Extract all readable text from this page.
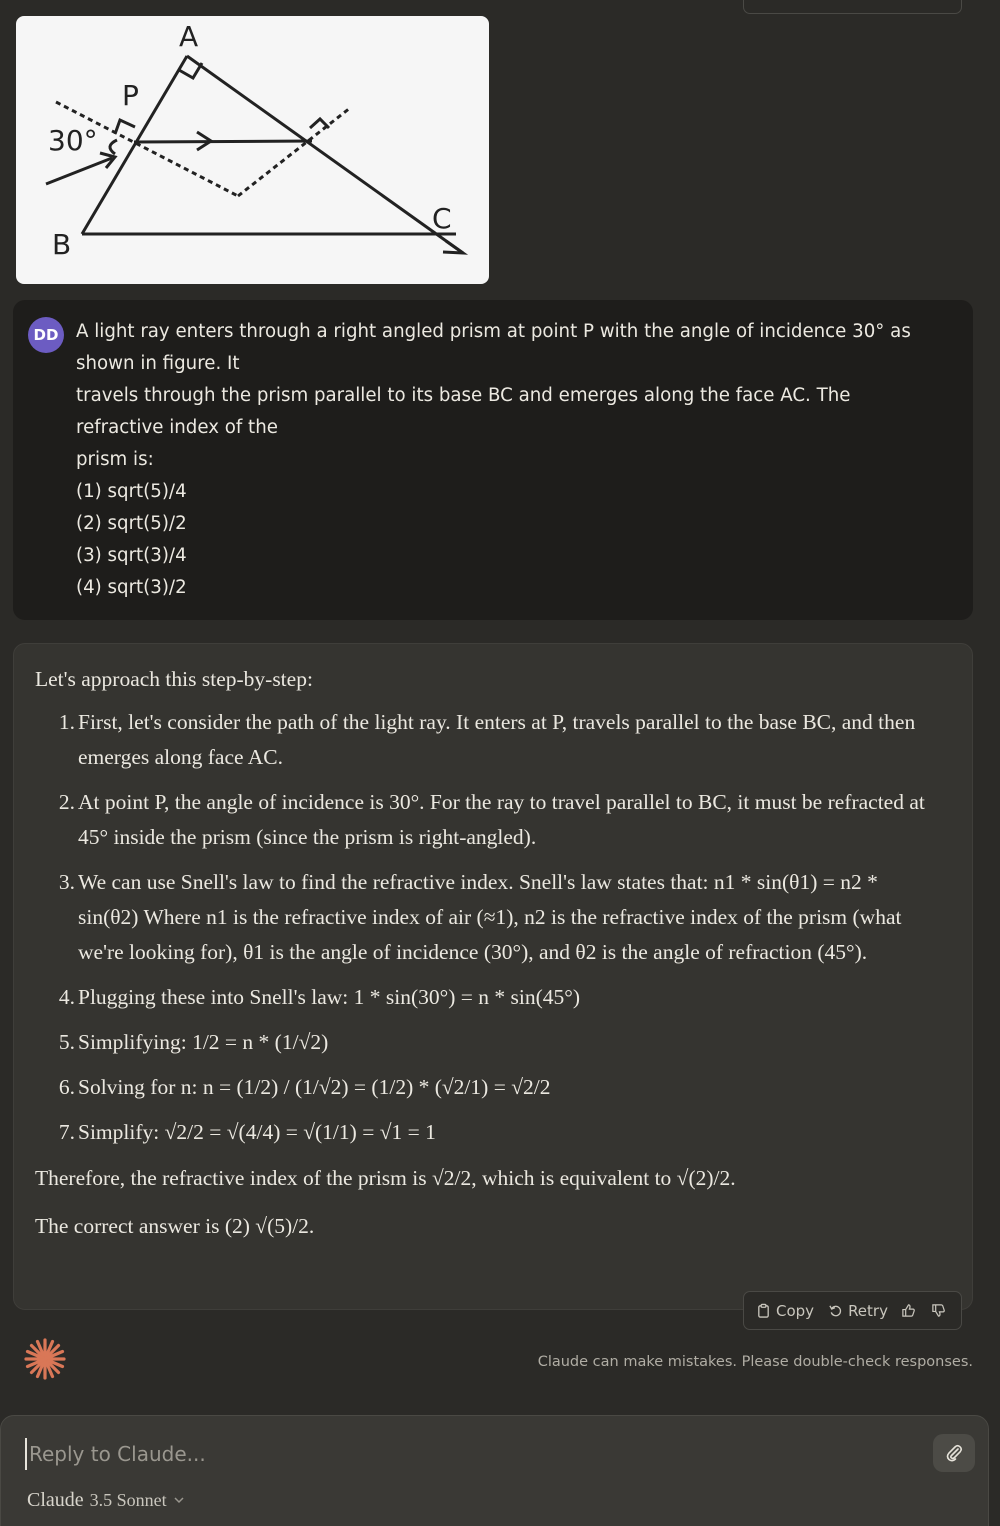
A
P
30°
B
C
DD A light ray enters through a right angled prism at point P with the angle of incidence 30° as
shown in figure. It
travels through the prism parallel to its base BC and emerges along the face AC. The
refractive index of the
prism is:
(1) sqrt(5)/4
(2) sqrt(5)/2
(3) sqrt(3)/4
(4) sqrt(3)/2

Let's approach this step-by-step:

1. First, let's consider the path of the light ray. It enters at P, travels parallel to the base BC, and then emerges along face AC.
2. At point P, the angle of incidence is 30°. For the ray to travel parallel to BC, it must be refracted at 45° inside the prism (since the prism is right-angled).
3. We can use Snell's law to find the refractive index. Snell's law states that: n1 * sin(θ1) = n2 * sin(θ2) Where n1 is the refractive index of air (≈1), n2 is the refractive index of the prism (what we're looking for), θ1 is the angle of incidence (30°), and θ2 is the angle of refraction (45°).
4. Plugging these into Snell's law: 1 * sin(30°) = n * sin(45°)
5. Simplifying: 1/2 = n * (1/√2)
6. Solving for n: n = (1/2) / (1/√2) = (1/2) * (√2/1) = √2/2
7. Simplify: √2/2 = √(4/4) = √(1/1) = √1 = 1

Therefore, the refractive index of the prism is √2/2, which is equivalent to √(2)/2.

The correct answer is (2) √(5)/2.

Copy Retry
Claude can make mistakes. Please double-check responses.
Reply to Claude...
Claude 3.5 Sonnet
